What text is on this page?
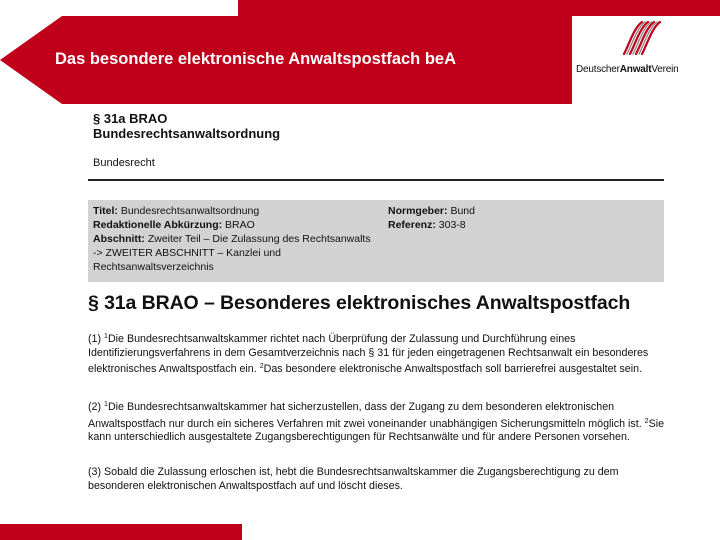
Das besondere elektronische Anwaltspostfach beA
DeutscherAnwaltVerein
§ 31a BRAO
Bundesrechtsanwaltsordnung
Bundesrecht
Titel: Bundesrechtsanwaltsordnung
Redaktionelle Abkürzung: BRAO
Abschnitt: Zweiter Teil – Die Zulassung des Rechtsanwalts -> ZWEITER ABSCHNITT – Kanzlei und Rechtsanwaltsverzeichnis
Normgeber: Bund
Referenz: 303-8
§ 31a BRAO – Besonderes elektronisches Anwaltspostfach
(1) $^1$Die Bundesrechtsanwaltskammer richtet nach Überprüfung der Zulassung und Durchführung eines Identifizierungsverfahrens in dem Gesamtverzeichnis nach § 31 für jeden eingetragenen Rechtsanwalt ein besonderes elektronisches Anwaltspostfach ein. $^2$Das besondere elektronische Anwaltspostfach soll barrierefrei ausgestaltet sein.
(2) $^1$Die Bundesrechtsanwaltskammer hat sicherzustellen, dass der Zugang zu dem besonderen elektronischen Anwaltspostfach nur durch ein sicheres Verfahren mit zwei voneinander unabhängigen Sicherungsmitteln möglich ist. $^2$Sie kann unterschiedlich ausgestaltete Zugangsberechtigungen für Rechtsanwälte und für andere Personen vorsehen.
(3) Sobald die Zulassung erloschen ist, hebt die Bundesrechtsanwaltskammer die Zugangsberechtigung zu dem besonderen elektronischen Anwaltspostfach auf und löscht dieses.
